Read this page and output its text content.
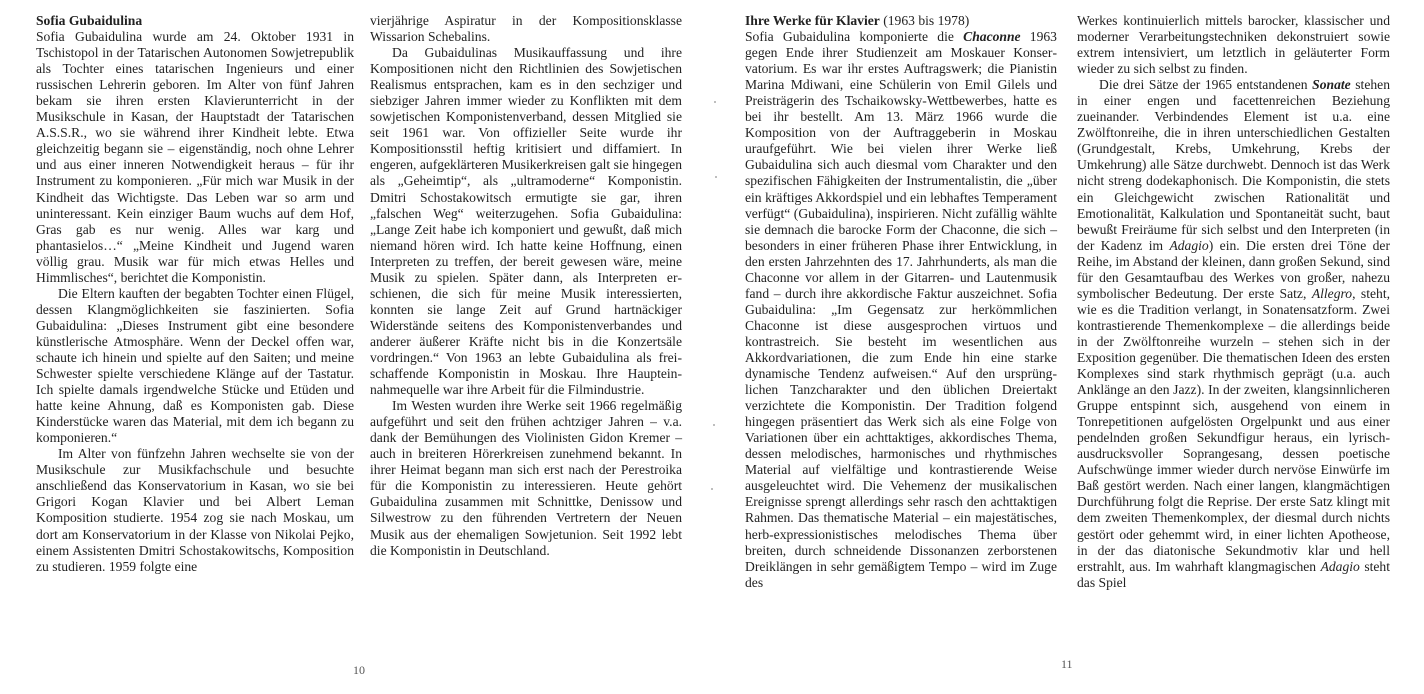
Sofia Gubaidulina

Sofia Gubaidulina wurde am 24. Oktober 1931 in Tschistopol in der Tatarischen Autonomen Sowjetrepublik als Tochter eines tatarischen Ingenieurs und einer russischen Lehrerin geboren. Im Alter von fünf Jahren bekam sie ihren ersten Klavierunterricht in der Musikschule in Kasan, der Hauptstadt der Tatarischen A.S.S.R., wo sie während ihrer Kindheit lebte. Etwa gleichzeitig begann sie – eigenständig, noch ohne Lehrer und aus einer inneren Notwendigkeit heraus – für ihr Instrument zu komponieren. „Für mich war Musik in der Kindheit das Wichtigste. Das Leben war so arm und uninteressant. Kein einziger Baum wuchs auf dem Hof, Gras gab es nur wenig. Alles war karg und phantasielos…“ „Meine Kindheit und Jugend waren völlig grau. Musik war für mich etwas Helles und Himmlisches“, berichtet die Komponistin.

Die Eltern kauften der begabten Tochter einen Flügel, dessen Klangmöglichkeiten sie faszinierten. Sofia Gubaidulina: „Dieses Instrument gibt eine besondere künstlerische Atmosphäre. Wenn der Deckel offen war, schaute ich hinein und spielte auf den Saiten; und meine Schwester spielte verschiedene Klänge auf der Tastatur. Ich spielte damals irgendwelche Stücke und Etüden und hatte keine Ahnung, daß es Komponisten gab. Diese Kinderstücke waren das Material, mit dem ich begann zu komponieren.“

Im Alter von fünfzehn Jahren wechselte sie von der Musikschule zur Musikfachschule und besuchte anschließend das Konservatorium in Kasan, wo sie bei Grigori Kogan Klavier und bei Albert Leman Komposition studierte. 1954 zog sie nach Moskau, um dort am Konservatorium in der Klasse von Nikolai Pejko, einem Assistenten Dmitri Schostakowitschs, Komposition zu studieren. 1959 folgte eine

vierjährige Aspiratur in der Kompositionsklasse Wissarion Schebalins.

Da Gubaidulinas Musikauffassung und ihre Kompositionen nicht den Richtlinien des Sowjetischen Realismus entsprachen, kam es in den sechziger und siebziger Jahren immer wieder zu Konflikten mit dem sowjetischen Komponistenverband, dessen Mitglied sie seit 1961 war. Von offizieller Seite wurde ihr Kompositionsstil heftig kritisiert und diffamiert. In engeren, aufgeklärteren Musikerkreisen galt sie hingegen als „Geheimtip“, als „ultramoderne“ Komponistin. Dmitri Schostakowitsch ermutigte sie gar, ihren „falschen Weg“ weiterzugehen. Sofia Gubaidulina: „Lange Zeit habe ich komponiert und gewußt, daß mich niemand hören wird. Ich hatte keine Hoffnung, einen Interpreten zu treffen, der bereit gewesen wäre, meine Musik zu spielen. Später dann, als Interpreten erschienen, die sich für meine Musik interessierten, konnten sie lange Zeit auf Grund hartnäckiger Widerstände seitens des Komponistenverbandes und anderer äußerer Kräfte nicht bis in die Konzertsäle vordringen.“ Von 1963 an lebte Gubaidulina als freischaffende Komponistin in Moskau. Ihre Haupteinnahmequelle war ihre Arbeit für die Filmindustrie.

Im Westen wurden ihre Werke seit 1966 regelmäßig aufgeführt und seit den frühen achtziger Jahren – v.a. dank der Bemühungen des Violinisten Gidon Kremer – auch in breiteren Hörerkreisen zunehmend bekannt. In ihrer Heimat begann man sich erst nach der Perestroika für die Komponistin zu interessieren. Heute gehört Gubaidulina zusammen mit Schnittke, Denissow und Silwestrow zu den führenden Vertretern der Neuen Musik aus der ehemaligen Sowjetunion. Seit 1992 lebt die Komponistin in Deutschland.

10

Ihre Werke für Klavier (1963 bis 1978)

Sofia Gubaidulina komponierte die Chaconne 1963 gegen Ende ihrer Studienzeit am Moskauer Konservatorium. Es war ihr erstes Auftragswerk; die Pianistin Marina Mdiwani, eine Schülerin von Emil Gilels und Preisträgerin des Tschaikowsky-Wettbewerbes, hatte es bei ihr bestellt. Am 13. März 1966 wurde die Komposition von der Auftraggeberin in Moskau uraufgeführt. Wie bei vielen ihrer Werke ließ Gubaidulina sich auch diesmal vom Charakter und den spezifischen Fähigkeiten der Instrumentalistin, die „über ein kräftiges Akkordspiel und ein lebhaftes Temperament verfügt“ (Gubaidulina), inspirieren. Nicht zufällig wählte sie demnach die barocke Form der Chaconne, die sich – besonders in einer früheren Phase ihrer Entwicklung, in den ersten Jahrzehnten des 17. Jahrhunderts, als man die Chaconne vor allem in der Gitarren- und Lautenmusik fand – durch ihre akkordische Faktur auszeichnet. Sofia Gubaidulina: „Im Gegensatz zur herkömmlichen Chaconne ist diese ausgesprochen virtuos und kontrastreich. Sie besteht im wesentlichen aus Akkordvariationen, die zum Ende hin eine starke dynamische Tendenz aufweisen.“ Auf den ursprünglichen Tanzcharakter und den üblichen Dreiertakt verzichtete die Komponistin. Der Tradition folgend hingegen präsentiert das Werk sich als eine Folge von Variationen über ein achttaktiges, akkordisches Thema, dessen melodisches, harmonisches und rhythmisches Material auf vielfältige und kontrastierende Weise ausgeleuchtet wird. Die Vehemenz der musikalischen Ereignisse sprengt allerdings sehr rasch den achttaktigen Rahmen. Das thematische Material – ein majestätisches, herb-expressionistisches melodisches Thema über breiten, durch schneidende Dissonanzen zerborstenen Dreiklängen in sehr gemäßigtem Tempo – wird im Zuge des

Werkes kontinuierlich mittels barocker, klassischer und moderner Verarbeitungstechniken dekonstruiert sowie extrem intensiviert, um letztlich in geläuterter Form wieder zu sich selbst zu finden.

Die drei Sätze der 1965 entstandenen Sonate stehen in einer engen und facettenreichen Beziehung zueinander. Verbindendes Element ist u.a. eine Zwölftonreihe, die in ihren unterschiedlichen Gestalten (Grundgestalt, Krebs, Umkehrung, Krebs der Umkehrung) alle Sätze durchwebt. Dennoch ist das Werk nicht streng dodekaphonisch. Die Komponistin, die stets ein Gleichgewicht zwischen Rationalität und Emotionalität, Kalkulation und Spontaneität sucht, baut bewußt Freiräume für sich selbst und den Interpreten (in der Kadenz im Adagio) ein. Die ersten drei Töne der Reihe, im Abstand der kleinen, dann großen Sekund, sind für den Gesamtaufbau des Werkes von großer, nahezu symbolischer Bedeutung. Der erste Satz, Allegro, steht, wie es die Tradition verlangt, in Sonatensatzform. Zwei kontrastierende Themenkomplexe – die allerdings beide in der Zwölftonreihe wurzeln – stehen sich in der Exposition gegenüber. Die thematischen Ideen des ersten Komplexes sind stark rhythmisch geprägt (u.a. auch Anklänge an den Jazz). In der zweiten, klangsinnlicheren Gruppe entspinnt sich, ausgehend von einem in Tonrepetitionen aufgelösten Orgelpunkt und aus einer pendelnden großen Sekundfigur heraus, ein lyrisch-ausdrucksvoller Soprangesang, dessen poetische Aufschwünge immer wieder durch nervöse Einwürfe im Baß gestört werden. Nach einer langen, klangmächtigen Durchführung folgt die Reprise. Der erste Satz klingt mit dem zweiten Themenkomplex, der diesmal durch nichts gestört oder gehemmt wird, in einer lichten Apotheose, in der das diatonische Sekundmotiv klar und hell erstrahlt, aus. Im wahrhaft klangmagischen Adagio steht das Spiel

11
